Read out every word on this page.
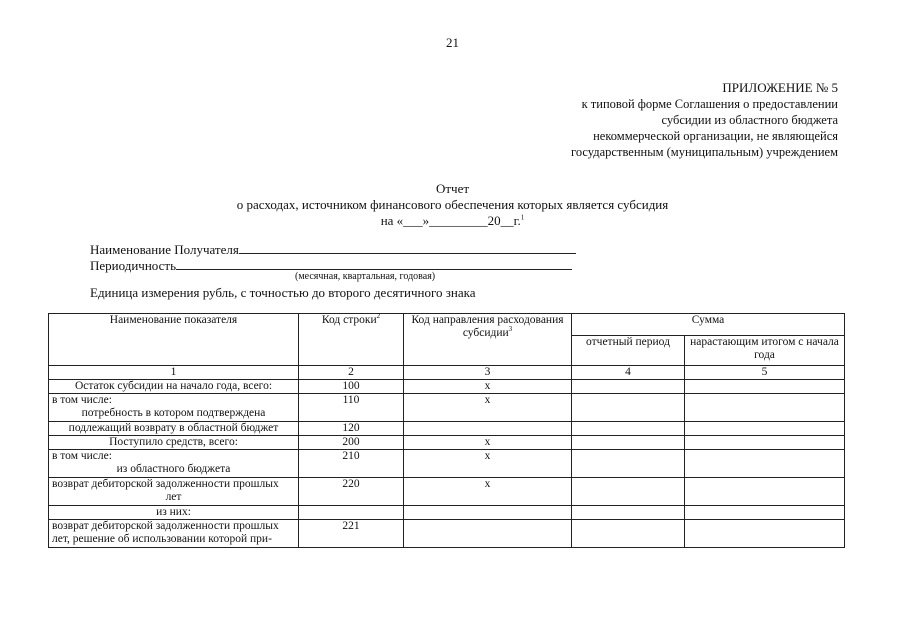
21
ПРИЛОЖЕНИЕ № 5
к типовой форме Соглашения о предоставлении
субсидии из областного бюджета
некоммерческой организации, не являющейся
государственным (муниципальным) учреждением
Отчет
о расходах, источником финансового обеспечения которых является субсидия
на «___»_________20__г.$^1$
Наименование Получателя
Периодичность
(месячная, квартальная, годовая)
Единица измерения рубль, с точностью до второго десятичного знака
Наименование показателя	Код строки$^2$	Код направления расходования субсидии$^3$	Сумма	
			отчетный период	нарастающим итогом с начала года
1	2	3	4	5
Остаток субсидии на начало года, всего:	100	x		

в том числе:
потребность в котором подтверждена	110	x		
подлежащий возврату в областной бюджет	120			
Поступило средств, всего:	200	x		

в том числе:
из областного бюджета	210	x		

возврат дебиторской задолженности прошлых
лет	220	x		
из них:				

возврат дебиторской задолженности прошлых
лет, решение об использовании которой при-	221			
